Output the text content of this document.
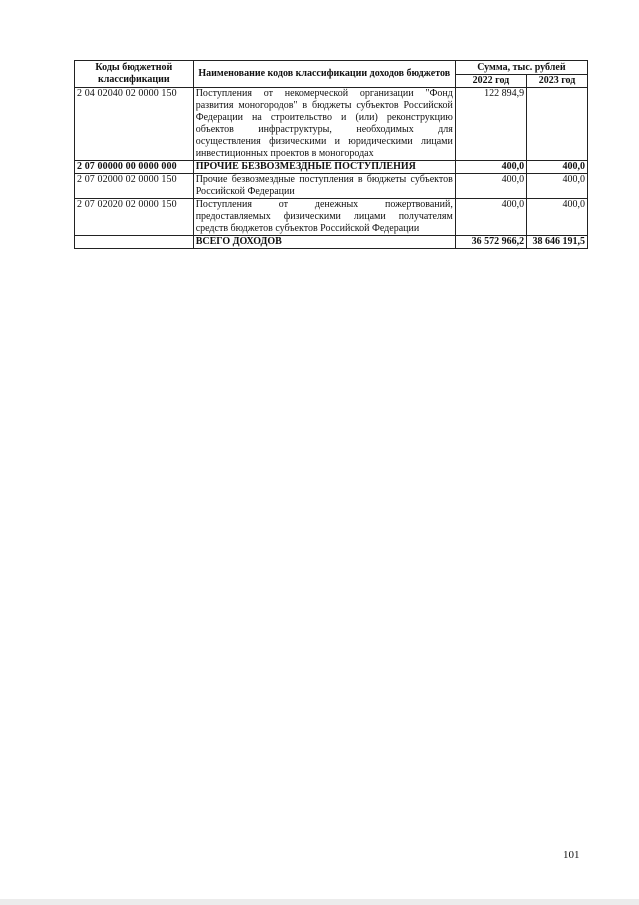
Коды бюджетной классификации	Наименование кодов классификации доходов бюджетов	Сумма, тыс. рублей	
		2022 год	2023 год
2 04 02040 02 0000 150	Поступления от некомерческой организации "Фонд развития моногородов" в бюджеты субъектов Российской Федерации на строительство и (или) реконструкцию объектов инфраструктуры, необходимых для осуществления физическими и юридическими лицами инвестиционных проектов в моногородах	122 894,9	
2 07 00000 00 0000 000	ПРОЧИЕ БЕЗВОЗМЕЗДНЫЕ ПОСТУПЛЕНИЯ	400,0	400,0
2 07 02000 02 0000 150	Прочие безвозмездные поступления в бюджеты субъектов Российской Федерации	400,0	400,0
2 07 02020 02 0000 150	Поступления от денежных пожертвований, предоставляемых физическими лицами получателям средств бюджетов субъектов Российской Федерации	400,0	400,0
	ВСЕГО ДОХОДОВ	36 572 966,2	38 646 191,5
101
